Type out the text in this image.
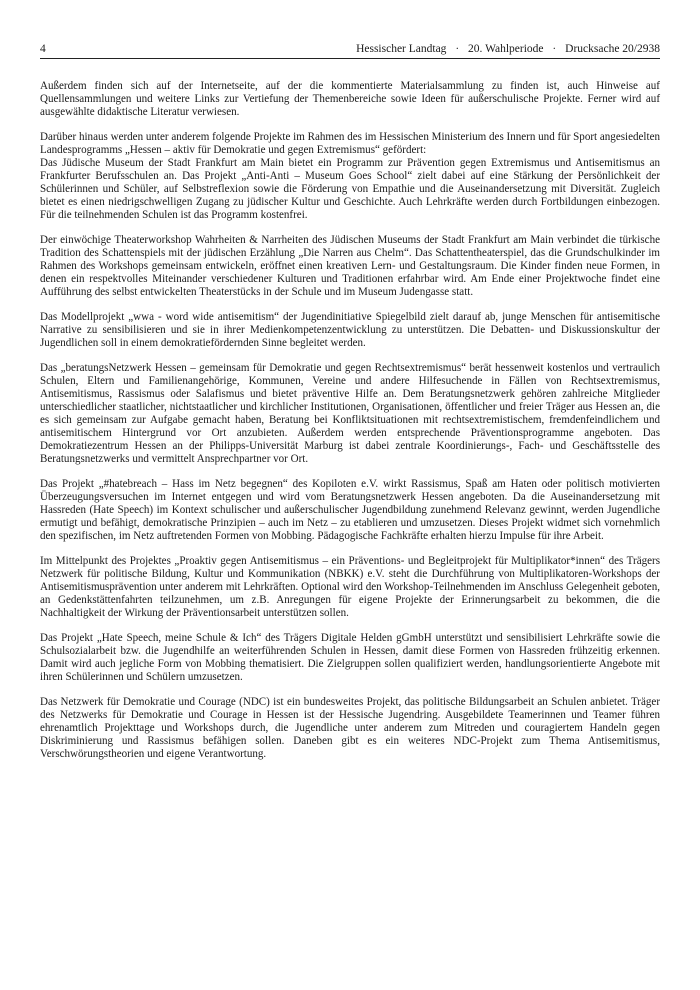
4	Hessischer Landtag · 20. Wahlperiode · Drucksache 20/2938

Außerdem finden sich auf der Internetseite, auf der die kommentierte Materialsammlung zu finden ist, auch Hinweise auf Quellensammlungen und weitere Links zur Vertiefung der Themenbereiche sowie Ideen für außerschulische Projekte. Ferner wird auf ausgewählte didaktische Literatur verwiesen.

Darüber hinaus werden unter anderem folgende Projekte im Rahmen des im Hessischen Ministerium des Innern und für Sport angesiedelten Landesprogramms „Hessen – aktiv für Demokratie und gegen Extremismus“ gefördert:

Das Jüdische Museum der Stadt Frankfurt am Main bietet ein Programm zur Prävention gegen Extremismus und Antisemitismus an Frankfurter Berufsschulen an. Das Projekt „Anti-Anti – Museum Goes School“ zielt dabei auf eine Stärkung der Persönlichkeit der Schülerinnen und Schüler, auf Selbstreflexion sowie die Förderung von Empathie und die Auseinandersetzung mit Diversität. Zugleich bietet es einen niedrigschwelligen Zugang zu jüdischer Kultur und Geschichte. Auch Lehrkräfte werden durch Fortbildungen einbezogen. Für die teilnehmenden Schulen ist das Programm kostenfrei.

Der einwöchige Theaterworkshop Wahrheiten & Narrheiten des Jüdischen Museums der Stadt Frankfurt am Main verbindet die türkische Tradition des Schattenspiels mit der jüdischen Erzählung „Die Narren aus Chelm“. Das Schattentheaterspiel, das die Grundschulkinder im Rahmen des Workshops gemeinsam entwickeln, eröffnet einen kreativen Lern- und Gestaltungsraum. Die Kinder finden neue Formen, in denen ein respektvolles Miteinander verschiedener Kulturen und Traditionen erfahrbar wird. Am Ende einer Projektwoche findet eine Aufführung des selbst entwickelten Theaterstücks in der Schule und im Museum Judengasse statt.

Das Modellprojekt „wwa - word wide antisemitism“ der Jugendinitiative Spiegelbild zielt darauf ab, junge Menschen für antisemitische Narrative zu sensibilisieren und sie in ihrer Medienkompetenzentwicklung zu unterstützen. Die Debatten- und Diskussionskultur der Jugendlichen soll in einem demokratiefördernden Sinne begleitet werden.

Das „beratungsNetzwerk Hessen – gemeinsam für Demokratie und gegen Rechtsextremismus“ berät hessenweit kostenlos und vertraulich Schulen, Eltern und Familienangehörige, Kommunen, Vereine und andere Hilfesuchende in Fällen von Rechtsextremismus, Antisemitismus, Rassismus oder Salafismus und bietet präventive Hilfe an. Dem Beratungsnetzwerk gehören zahlreiche Mitglieder unterschiedlicher staatlicher, nichtstaatlicher und kirchlicher Institutionen, Organisationen, öffentlicher und freier Träger aus Hessen an, die es sich gemeinsam zur Aufgabe gemacht haben, Beratung bei Konfliktsituationen mit rechtsextremistischem, fremdenfeindlichem und antisemitischem Hintergrund vor Ort anzubieten. Außerdem werden entsprechende Präventionsprogramme angeboten. Das Demokratiezentrum Hessen an der Philipps-Universität Marburg ist dabei zentrale Koordinierungs-, Fach- und Geschäftsstelle des Beratungsnetzwerks und vermittelt Ansprechpartner vor Ort.

Das Projekt „#hatebreach – Hass im Netz begegnen“ des Kopiloten e.V. wirkt Rassismus, Spaß am Haten oder politisch motivierten Überzeugungsversuchen im Internet entgegen und wird vom Beratungsnetzwerk Hessen angeboten. Da die Auseinandersetzung mit Hassreden (Hate Speech) im Kontext schulischer und außerschulischer Jugendbildung zunehmend Relevanz gewinnt, werden Jugendliche ermutigt und befähigt, demokratische Prinzipien – auch im Netz – zu etablieren und umzusetzen. Dieses Projekt widmet sich vornehmlich den spezifischen, im Netz auftretenden Formen von Mobbing. Pädagogische Fachkräfte erhalten hierzu Impulse für ihre Arbeit.

Im Mittelpunkt des Projektes „Proaktiv gegen Antisemitismus – ein Präventions- und Begleitprojekt für Multiplikator*innen“ des Trägers Netzwerk für politische Bildung, Kultur und Kommunikation (NBKK) e.V. steht die Durchführung von Multiplikatoren-Workshops der Antisemitismusprävention unter anderem mit Lehrkräften. Optional wird den Workshop-Teilnehmenden im Anschluss Gelegenheit geboten, an Gedenkstättenfahrten teilzunehmen, um z.B. Anregungen für eigene Projekte der Erinnerungsarbeit zu bekommen, die die Nachhaltigkeit der Wirkung der Präventionsarbeit unterstützen sollen.

Das Projekt „Hate Speech, meine Schule & Ich“ des Trägers Digitale Helden gGmbH unterstützt und sensibilisiert Lehrkräfte sowie die Schulsozialarbeit bzw. die Jugendhilfe an weiterführenden Schulen in Hessen, damit diese Formen von Hassreden frühzeitig erkennen. Damit wird auch jegliche Form von Mobbing thematisiert. Die Zielgruppen sollen qualifiziert werden, handlungsorientierte Angebote mit ihren Schülerinnen und Schülern umzusetzen.

Das Netzwerk für Demokratie und Courage (NDC) ist ein bundesweites Projekt, das politische Bildungsarbeit an Schulen anbietet. Träger des Netzwerks für Demokratie und Courage in Hessen ist der Hessische Jugendring. Ausgebildete Teamerinnen und Teamer führen ehrenamtlich Projekttage und Workshops durch, die Jugendliche unter anderem zum Mitreden und couragiertem Handeln gegen Diskriminierung und Rassismus befähigen sollen. Daneben gibt es ein weiteres NDC-Projekt zum Thema Antisemitismus, Verschwörungstheorien und eigene Verantwortung.
